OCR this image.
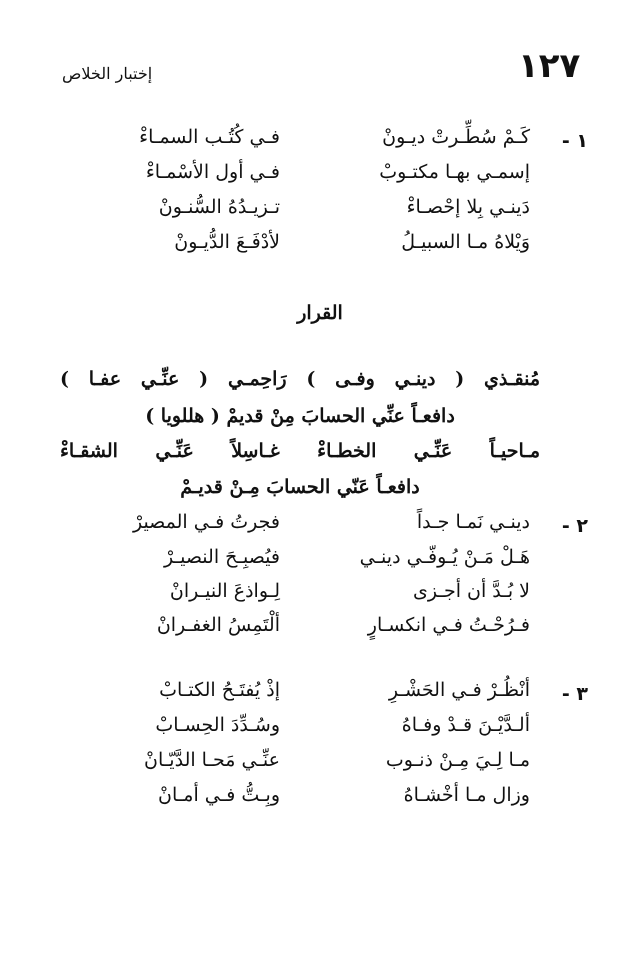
١٢٧
إختبار الخلاص
١ -
كَـمْ سُطِّـرتْ ديـونْ
فـي كُتُـب السمـاءْ
إسمـي بهـا مكتـوبْ
فـي أول الأسْمـاءْ
دَينـي بِلا إحْصـاءْ
تـزيـدُهُ السُّنـونْ
وَيْلاهُ مـا السبيـلُ
لأدْفَـعَ الدُّيـونْ
القرار
مُنقـذي ( دينـي وفـى ) رَاحِمـي ( عنِّـي عفـا )
دافعـاً عنِّي الحسابَ مِنْ قديمْ ( هللويا )
مـاحيـاً عَنِّـي الخطـاءْ غـاسِلاً عَنِّـي الشقـاءْ
دافعـاً عَنّي الحسابَ مِـنْ قديـمْ
٢ -
دينـي نَمـا جـداً
فجرتُ فـي المصيرْ
هَـلْ مَـنْ يُـوفّـي دينـي
فيُصبِـحَ النصيـرْ
لا بُـدَّ أن أجـزى
لِـواذعَ النيـرانْ
فـرُحْـتُ فـي انكسـارٍ
ألْتَمِسُ الغفـرانْ
٣ -
أنْظُـرْ فـي الحَشْـرِ
إذْ يُفتَـحُ الكتـابْ
ألـدَّيْـنَ قـدْ وفـاهُ
وسُـدِّدَ الحِسـابْ
مـا لِـيَ مِـنْ ذنـوب
عنِّـي مَحـا الدَّيّـانْ
وزال مـا أخْشـاهُ
وبِـتُّ فـي أمـانْ
